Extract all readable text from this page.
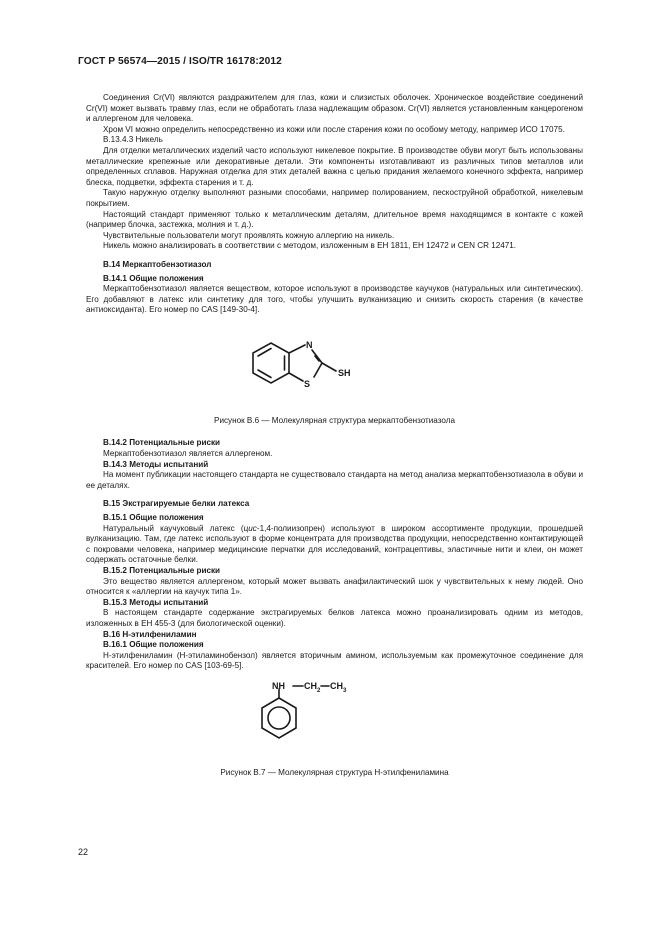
ГОСТ Р 56574—2015 / ISO/TR 16178:2012

Соединения Cr(VI) являются раздражителем для глаз, кожи и слизистых оболочек. Хроническое воздействие соединений Cr(VI) может вызвать травму глаз, если не обработать глаза надлежащим образом. Cr(VI) является установленным канцерогеном и аллергеном для человека.

Хром VI можно определить непосредственно из кожи или после старения кожи по особому методу, например ИСО 17075.

B.13.4.3 Никель

Для отделки металлических изделий часто используют никелевое покрытие. В производстве обуви могут быть использованы металлические крепежные или декоративные детали. Эти компоненты изготавливают из различных типов металлов или определенных сплавов. Наружная отделка для этих деталей важна с целью придания желаемого конечного эффекта, например блеска, подцветки, эффекта старения и т. д.

Такую наружную отделку выполняют разными способами, например полированием, пескоструйной обработкой, никелевым покрытием.

Настоящий стандарт применяют только к металлическим деталям, длительное время находящимся в контакте с кожей (например блочка, застежка, молния и т. д.).

Чувствительные пользователи могут проявлять кожную аллергию на никель.

Никель можно анализировать в соответствии с методом, изложенным в ЕН 1811, ЕН 12472 и CEN CR 12471.

B.14 Меркаптобензотиазол

B.14.1 Общие положения

Меркаптобензотиазол является веществом, которое используют в производстве каучуков (натуральных или синтетических). Его добавляют в латекс или синтетику для того, чтобы улучшить вулканизацию и снизить скорость старения (в качестве антиоксиданта). Его номер по CAS [149-30-4].

N
S
SH

Рисунок B.6 — Молекулярная структура меркаптобензотиазола

B.14.2 Потенциальные риски

Меркаптобензотиазол является аллергеном.

B.14.3 Методы испытаний

На момент публикации настоящего стандарта не существовало стандарта на метод анализа меркаптобензотиазола в обуви и ее деталях.

B.15 Экстрагируемые белки латекса

B.15.1 Общие положения

Натуральный каучуковый латекс (цис-1,4-полиизопрен) используют в широком ассортименте продукции, прошедшей вулканизацию. Там, где латекс используют в форме концентрата для производства продукции, непосредственно контактирующей с покровами человека, например медицинские перчатки для исследований, контрацептивы, эластичные нити и клеи, он может содержать остаточные белки.

B.15.2 Потенциальные риски

Это вещество является аллергеном, который может вызвать анафилактический шок у чувствительных к нему людей. Оно относится к «аллергии на каучук типа 1».

B.15.3 Методы испытаний

В настоящем стандарте содержание экстрагируемых белков латекса можно проанализировать одним из методов, изложенных в ЕН 455-3 (для биологической оценки).

B.16 Н-этилфениламин

B.16.1 Общие положения

Н-этилфениламин (Н-этиламинобензол) является вторичным амином, используемым как промежуточное соединение для красителей. Его номер по CAS [103-69-5].

NH $CH_2$ $CH_3$

Рисунок B.7 — Молекулярная структура Н-этилфениламина

22
